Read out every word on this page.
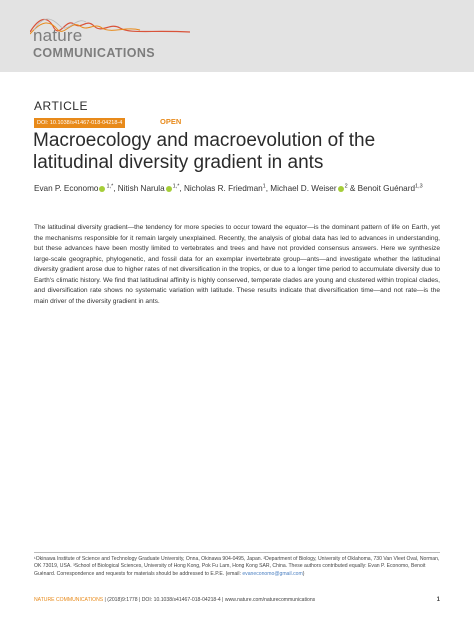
nature
COMMUNICATIONS
ARTICLE
DOI: 10.1038/s41467-018-04218-4	OPEN
Macroecology and macroevolution of the latitudinal diversity gradient in ants
Evan P. Economo $^{1,*}$, Nitish Narula $^{1,*}$, Nicholas R. Friedman$^1$, Michael D. Weiser $^2$ & Benoit Guénard$^{1,3}$

The latitudinal diversity gradient—the tendency for more species to occur toward the equator—is the dominant pattern of life on Earth, yet the mechanisms responsible for it remain largely unexplained. Recently, the analysis of global data has led to advances in understanding, but these advances have been mostly limited to vertebrates and trees and have not provided consensus answers. Here we synthesize large-scale geographic, phylogenetic, and fossil data for an exemplar invertebrate group—ants—and investigate whether the latitudinal diversity gradient arose due to higher rates of net diversification in the tropics, or due to a longer time period to accumulate diversity due to Earth's climatic history. We find that latitudinal affinity is highly conserved, temperate clades are young and clustered within tropical clades, and diversification rate shows no systematic variation with latitude. These results indicate that diversification time—and not rate—is the main driver of the diversity gradient in ants.

¹Okinawa Institute of Science and Technology Graduate University, Onna, Okinawa 904-0495, Japan. ²Department of Biology, University of Oklahoma, 730 Van Vleet Oval, Norman, OK 73019, USA. ³School of Biological Sciences, University of Hong Kong, Pok Fu Lam, Hong Kong SAR, China. These authors contributed equally: Evan P. Economo, Benoit Guénard. Correspondence and requests for materials should be addressed to E.P.E. (email: evaneconomo@gmail.com)

NATURE COMMUNICATIONS | (2018)9:1778 | DOI: 10.1038/s41467-018-04218-4 | www.nature.com/naturecommunications	1
